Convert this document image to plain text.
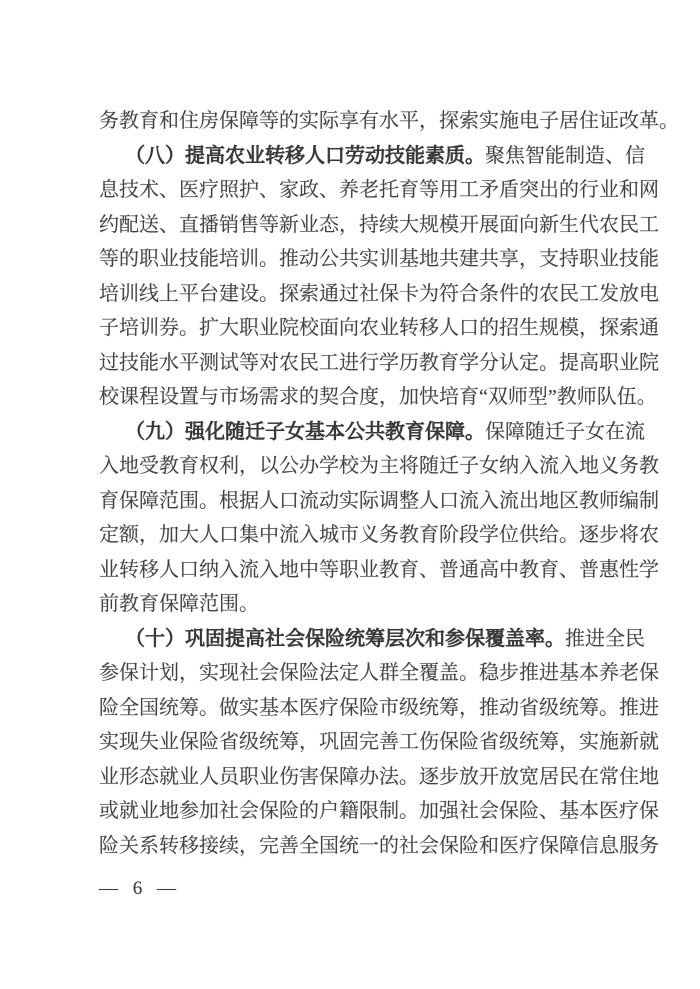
务教育和住房保障等的实际享有水平，探索实施电子居住证改革。
（八）提高农业转移人口劳动技能素质。聚焦智能制造、信
息技术、医疗照护、家政、养老托育等用工矛盾突出的行业和网
约配送、直播销售等新业态，持续大规模开展面向新生代农民工
等的职业技能培训。推动公共实训基地共建共享，支持职业技能
培训线上平台建设。探索通过社保卡为符合条件的农民工发放电
子培训券。扩大职业院校面向农业转移人口的招生规模，探索通
过技能水平测试等对农民工进行学历教育学分认定。提高职业院
校课程设置与市场需求的契合度，加快培育“双师型”教师队伍。
（九）强化随迁子女基本公共教育保障。保障随迁子女在流
入地受教育权利，以公办学校为主将随迁子女纳入流入地义务教
育保障范围。根据人口流动实际调整人口流入流出地区教师编制
定额，加大人口集中流入城市义务教育阶段学位供给。逐步将农
业转移人口纳入流入地中等职业教育、普通高中教育、普惠性学
前教育保障范围。
（十）巩固提高社会保险统筹层次和参保覆盖率。推进全民
参保计划，实现社会保险法定人群全覆盖。稳步推进基本养老保
险全国统筹。做实基本医疗保险市级统筹，推动省级统筹。推进
实现失业保险省级统筹，巩固完善工伤保险省级统筹，实施新就
业形态就业人员职业伤害保障办法。逐步放开放宽居民在常住地
或就业地参加社会保险的户籍限制。加强社会保险、基本医疗保
险关系转移接续，完善全国统一的社会保险和医疗保障信息服务
— 6 —
